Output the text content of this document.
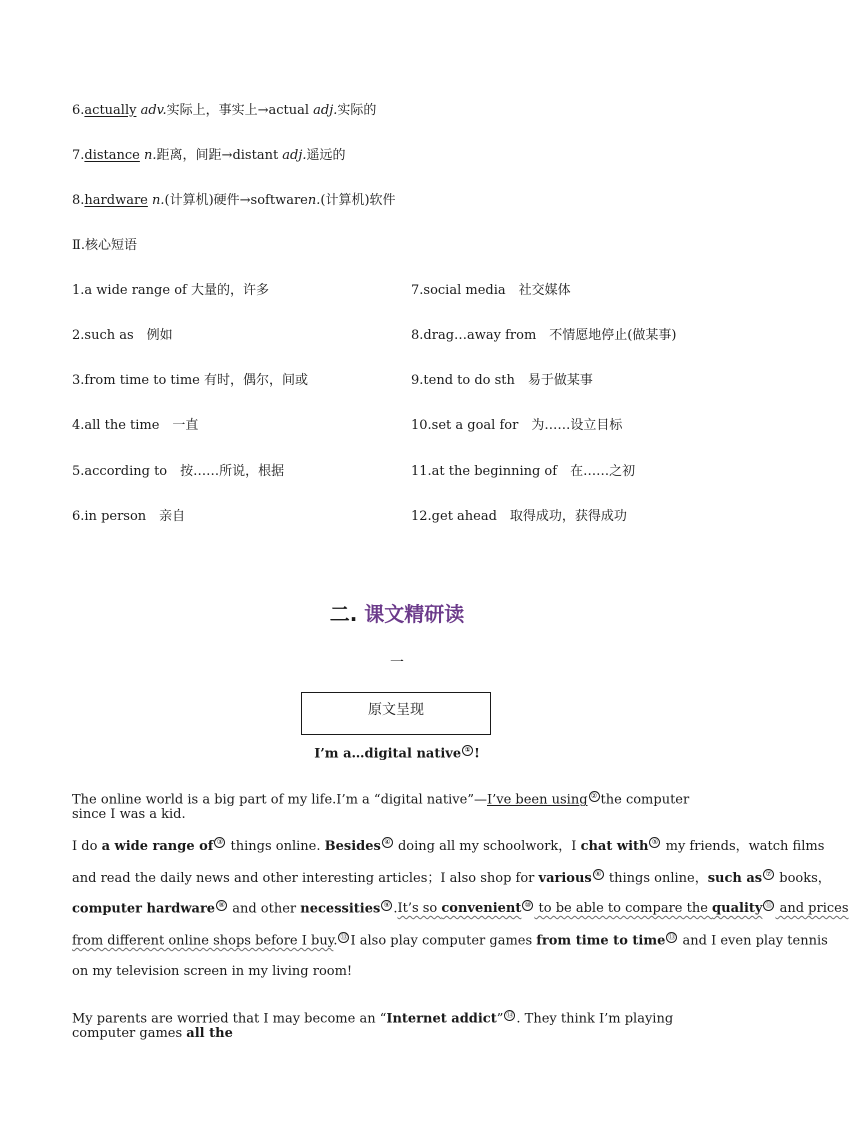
6.actually adv.实际上，事实上→actual adj.实际的
7.distance n.距离，间距→distant adj.遥远的
8.hardware n.(计算机)硬件→softwaren.(计算机)软件
Ⅱ.核心短语
1.a wide range of 大量的，许多
2.such as　例如
3.from time to time 有时，偶尔，间或
4.all the time　一直
5.according to　按……所说，根据
6.in person　亲自
7.social media　社交媒体
8.drag…away from　不情愿地停止(做某事)
9.tend to do sth　易于做某事
10.set a goal for　为……设立目标
11.at the beginning of　在……之初
12.get ahead　取得成功，获得成功
二. 课文精研读
一
原文呈现
I’m a…digital native ① !
The online world is a big part of my life.I’m a “digital native”—I’ve been using ② the computer since I was a kid.
I do a wide range of ③ things online. Besides ④ doing all my schoolwork，I chat with ⑤ my friends，watch films
and read the daily news and other interesting articles；I also shop for various ⑥ things online，such as ⑦ books，
computer hardware ⑧ and other necessities ⑨ .It’s so convenient ⑩ to be able to compare the quality ⑪ and prices
from different online shops before I buy. ⑬ I also play computer games from time to time ⑬ and I even play tennis
on my television screen in my living room!
My parents are worried that I may become an “Internet addict” ⑭ . They think I’m playing computer games all the
